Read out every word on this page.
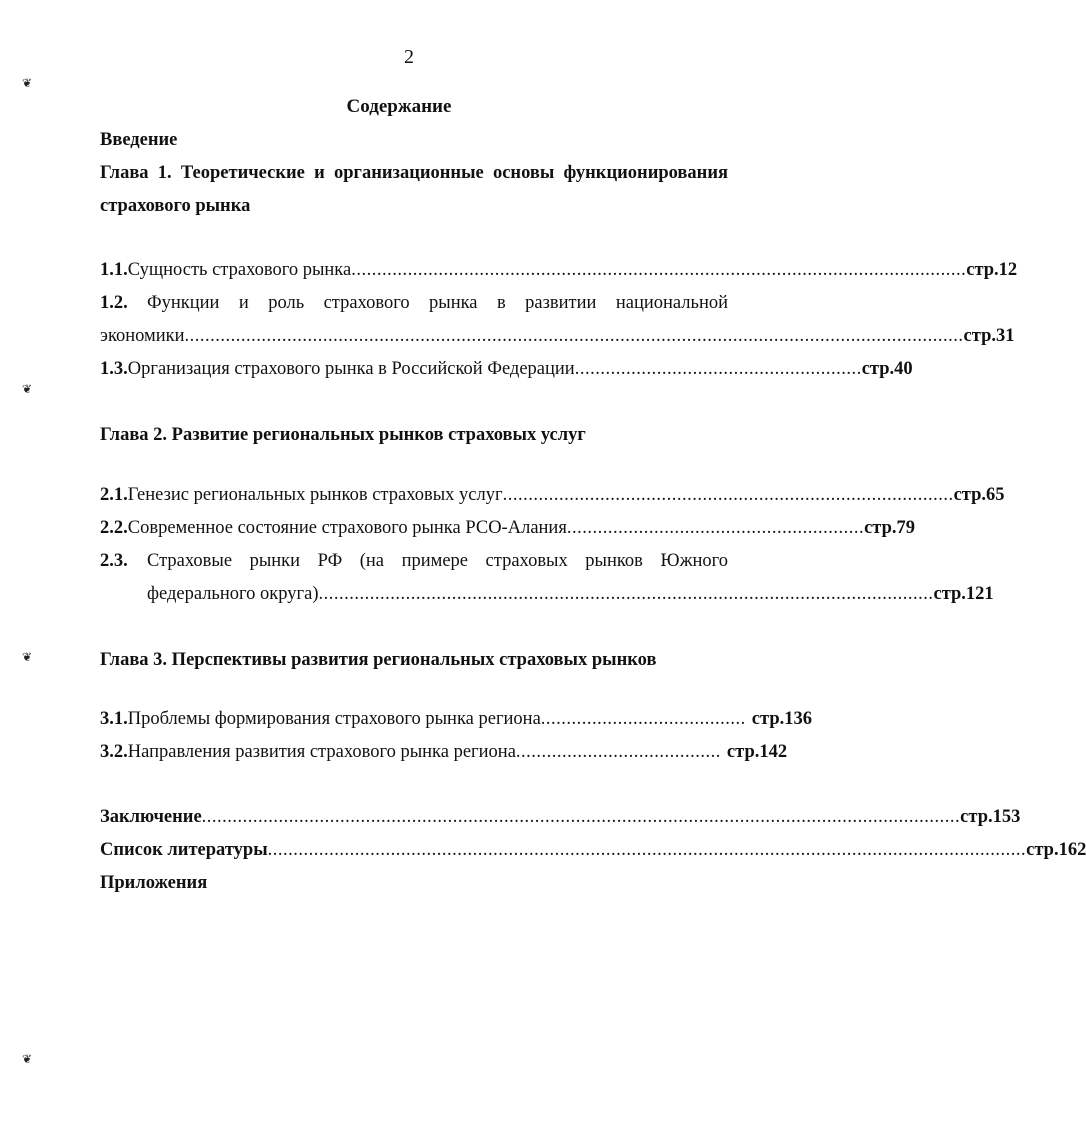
❦
❦
❦
❦
2
Содержание
Введение
Глава 1. Теоретические и организационные основы функционирования
страхового рынка
1.1. Сущность страхового рынка ........................................................................................................................ стр.12
1.2.	Функции и роль страхового рынка в развитии национальной
экономики ........................................................................................................................................................ стр.31
1.3. Организация страхового рынка в Российской Федерации ........................................................ стр.40
Глава 2. Развитие региональных рынков страховых услуг
2.1. Генезис региональных рынков страховых услуг ........................................................................................ стр.65
2.2. Современное состояние страхового рынка РСО-Алания .......................................................... стр.79
2.3.	Страховые рынки РФ (на примере страховых рынков Южного
федерального округа) ........................................................................................................................ стр.121
Глава 3. Перспективы развития региональных страховых рынков
3.1. Проблемы формирования страхового рынка региона ........................................ стр.136
3.2. Направления развития страхового рынка региона ........................................ стр.142
Заключение .................................................................................................................................................... стр.153
Список литературы .................................................................................................................................................... стр.162
Приложения
